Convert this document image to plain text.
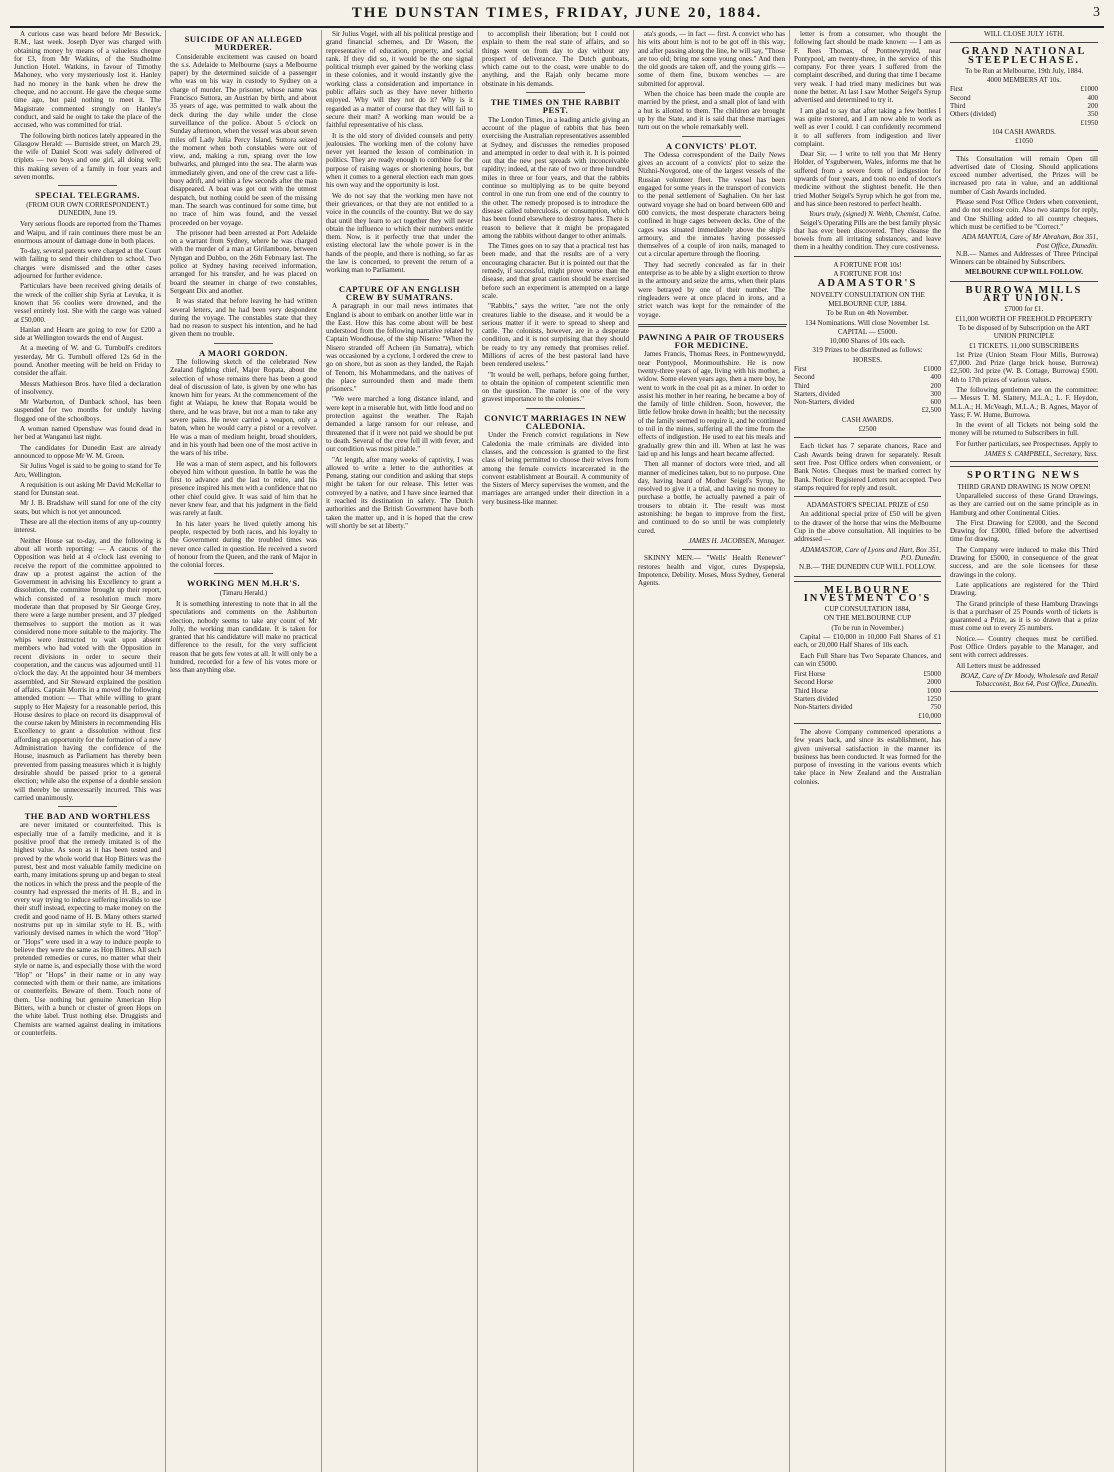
THE DUNSTAN TIMES, FRIDAY, JUNE 20, 1884.	3

A curious case was heard before Mr Beswick, R.M., last week. Joseph Dyer was charged with obtaining money by means of a valueless cheque for £3, from Mr Watkins, of the Studholme Junction Hotel. Watkins, in favour of Timothy Mahoney, who very mysteriously lost it. Hanley had no money in the bank when he drew the cheque, and no account. He gave the cheque some time ago, but paid nothing to meet it. The Magistrate commented strongly on Hanley's conduct, and said he ought to take the place of the accused, who was committed for trial.

The following birth notices lately appeared in the Glasgow Herald: — Burnside street, on March 29, the wife of Daniel Scott was safely delivered of triplets — two boys and one girl, all doing well; this making seven of a family in four years and seven months.

SPECIAL TELEGRAMS.
(FROM OUR OWN CORRESPONDENT.) DUNEDIN, June 19.

Very serious floods are reported from the Thames and Waipu, and if rain continues there must be an enormous amount of damage done in both places.

To-day, several parents were charged at the Court with failing to send their children to school. Two charges were dismissed and the other cases adjourned for further evidence.

Particulars have been received giving details of the wreck of the collier ship Syria at Levuka, it is known that 56 coolies were drowned, and the vessel entirely lost. She with the cargo was valued at £50,000.

Hanlan and Hearn are going to row for £200 a side at Wellington towards the end of August.

At a meeting of W. and G. Turnbull's creditors yesterday, Mr G. Turnbull offered 12s 6d in the pound. Another meeting will be held on Friday to consider the affair.

Messrs Mathieson Bros. have filed a declaration of insolvency.

Mr Warburton, of Dunback school, has been suspended for two months for unduly having flogged one of the schoolboys.

A woman named Openshaw was found dead in her bed at Wanganui last night.

The candidates for Dunedin East are already announced to oppose Mr W. M. Green.

Sir Julius Vogel is said to be going to stand for Te Aro, Wellington.

A requisition is out asking Mr David McKellar to stand for Dunstan seat.

Mr J. B. Bradshaw will stand for one of the city seats, but which is not yet announced.

These are all the election items of any up-country interest.

Neither House sat to-day, and the following is about all worth reporting: — A caucus of the Opposition was held at 4 o'clock last evening to receive the report of the committee appointed to draw up a protest against the action of the Government in advising his Excellency to grant a dissolution, the committee brought up their report, which consisted of a resolution much more moderate than that proposed by Sir George Grey, there were a large number present, and 37 pledged themselves to support the motion as it was considered none more suitable to the majority. The whips were instructed to wait upon absent members who had voted with the Opposition in recent divisions in order to secure their cooperation, and the caucus was adjourned until 11 o'clock the day. At the appointed hour 34 members assembled, and Sir Steward explained the position of affairs. Captain Morris in a moved the following amended motion: — That while willing to grant supply to Her Majesty for a reasonable period, this House desires to place on record its disapproval of the course taken by Ministers in recommending His Excellency to grant a dissolution without first affording an opportunity for the formation of a new Administration having the confidence of the House, inasmuch as Parliament has thereby been prevented from passing measures which it is highly desirable should be passed prior to a general election; while also the expense of a double session will thereby be unnecessarily incurred. This was carried unanimously.

THE BAD AND WORTHLESS

are never imitated or counterfeited. This is especially true of a family medicine, and it is positive proof that the remedy imitated is of the highest value. As soon as it has been tested and proved by the whole world that Hop Bitters was the purest, best and most valuable family medicine on earth, many imitations sprung up and began to steal the notices in which the press and the people of the country had expressed the merits of H. B., and in every way trying to induce suffering invalids to use their stuff instead, expecting to make money on the credit and good name of H. B. Many others started nostrums put up in similar style to H. B., with variously devised names in which the word "Hop" or "Hops" were used in a way to induce people to believe they were the same as Hop Bitters. All such pretended remedies or cures, no matter what their style or name is, and especially those with the word "Hop" or "Hops" in their name or in any way connected with them or their name, are imitations or counterfeits. Beware of them. Touch none of them. Use nothing but genuine American Hop Bitters, with a bunch or cluster of green Hops on the white label. Trust nothing else. Druggists and Chemists are warned against dealing in imitations or counterfeits.

SUICIDE OF AN ALLEGED MURDERER.

Considerable excitement was caused on board the s.s. Adelaide to Melbourne (says a Melbourne paper) by the determined suicide of a passenger who was on his way in custody to Sydney on a charge of murder. The prisoner, whose name was Francisco Suttora, an Austrian by birth, and about 35 years of age, was permitted to walk about the deck during the day while under the close surveillance of the police. About 5 o'clock on Sunday afternoon, when the vessel was about seven miles off Lady Julia Percy Island, Suttora seized the moment when both constables were out of view, and, making a run, sprang over the low bulwarks, and plunged into the sea. The alarm was immediately given, and one of the crew cast a life-buoy adrift, and within a few seconds after the man disappeared. A boat was got out with the utmost despatch, but nothing could be seen of the missing man. The search was continued for some time, but no trace of him was found, and the vessel proceeded on her voyage.

The prisoner had been arrested at Port Adelaide on a warrant from Sydney, where he was charged with the murder of a man at Girilambone, between Nyngan and Dubbo, on the 26th February last. The police at Sydney having received information, arranged for his transfer, and he was placed on board the steamer in charge of two constables, Sergeant Dix and another.

It was stated that before leaving he had written several letters, and he had been very despondent during the voyage. The constables state that they had no reason to suspect his intention, and he had given them no trouble.

A MAORI GORDON.

The following sketch of the celebrated New Zealand fighting chief, Major Ropata, about the selection of whose remains there has been a good deal of discussion of late, is given by one who has known him for years. At the commencement of the fight at Waiapu, he knew that Ropata would be there, and he was brave, but not a man to take any severe pains. He never carried a weapon, only a baton, when he would carry a pistol or a revolver. He was a man of medium height, broad shoulders, and in his youth had been one of the most active in the wars of his tribe.

He was a man of stern aspect, and his followers obeyed him without question. In battle he was the first to advance and the last to retire, and his presence inspired his men with a confidence that no other chief could give. It was said of him that he never knew fear, and that his judgment in the field was rarely at fault.

In his later years he lived quietly among his people, respected by both races, and his loyalty to the Government during the troubled times was never once called in question. He received a sword of honour from the Queen, and the rank of Major in the colonial forces.

WORKING MEN M.H.R'S.
(Timaru Herald.)

It is something interesting to note that in all the speculations and comments on the Ashburton election, nobody seems to take any count of Mr Jolly, the working man candidate. It is taken for granted that his candidature will make no practical difference to the result, for the very sufficient reason that he gets few votes at all. It will only be a hundred, recorded for a few of his votes more or less than anything else.

Sir Julius Vogel, with all his political prestige and grand financial schemes, and Dr Wason, the representative of education, property, and social rank. If they did so, it would be the one signal political triumph ever gained by the working class in these colonies, and it would instantly give the working class a consideration and importance in public affairs such as they have never hitherto enjoyed. Why will they not do it? Why is it regarded as a matter of course that they will fail to secure their man? A working man would be a faithful representative of his class.

It is the old story of divided counsels and petty jealousies. The working men of the colony have never yet learned the lesson of combination in politics. They are ready enough to combine for the purpose of raising wages or shortening hours, but when it comes to a general election each man goes his own way and the opportunity is lost.

We do not say that the working men have not their grievances, or that they are not entitled to a voice in the councils of the country. But we do say that until they learn to act together they will never obtain the influence to which their numbers entitle them. Now, is it perfectly true that under the existing electoral law the whole power is in the hands of the people, and there is nothing, so far as the law is concerned, to prevent the return of a working man to Parliament.

CAPTURE OF AN ENGLISH CREW BY SUMATRANS.

A paragraph in our mail news intimates that England is about to embark on another little war in the East. How this has come about will be best understood from the following narrative related by Captain Woodhouse, of the ship Nisero: "When the Nisero stranded off Acheen (in Sumatra), which was occasioned by a cyclone, I ordered the crew to go on shore, but as soon as they landed, the Rajah of Tenom, his Mohammedans, and the natives of the place surrounded them and made them prisoners."

"We were marched a long distance inland, and were kept in a miserable hut, with little food and no protection against the weather. The Rajah demanded a large ransom for our release, and threatened that if it were not paid we should be put to death. Several of the crew fell ill with fever, and our condition was most pitiable."

"At length, after many weeks of captivity, I was allowed to write a letter to the authorities at Penang, stating our condition and asking that steps might be taken for our release. This letter was conveyed by a native, and I have since learned that it reached its destination in safety. The Dutch authorities and the British Government have both taken the matter up, and it is hoped that the crew will shortly be set at liberty."

to accomplish their liberation; but I could not explain to them the real state of affairs, and so things went on from day to day without any prospect of deliverance. The Dutch gunboats, which came out to the coast, were unable to do anything, and the Rajah only became more obstinate in his demands.

THE TIMES ON THE RABBIT PEST.

The London Times, in a leading article giving an account of the plague of rabbits that has been exercising the Australian representatives assembled at Sydney, and discusses the remedies proposed and attempted in order to deal with it. It is pointed out that the new pest spreads with inconceivable rapidity; indeed, at the rate of two or three hundred miles in three or four years, and that the rabbits continue so multiplying as to be quite beyond control in one run from one end of the country to the other. The remedy proposed is to introduce the disease called tuberculosis, or consumption, which has been found elsewhere to destroy hares. There is reason to believe that it might be propagated among the rabbits without danger to other animals.

The Times goes on to say that a practical test has been made, and that the results are of a very encouraging character. But it is pointed out that the remedy, if successful, might prove worse than the disease, and that great caution should be exercised before such an experiment is attempted on a large scale.

"Rabbits," says the writer, "are not the only creatures liable to the disease, and it would be a serious matter if it were to spread to sheep and cattle. The colonists, however, are in a desperate condition, and it is not surprising that they should be ready to try any remedy that promises relief. Millions of acres of the best pastoral land have been rendered useless."

"It would be well, perhaps, before going further, to obtain the opinion of competent scientific men on the question. The matter is one of the very gravest importance to the colonies."

CONVICT MARRIAGES IN NEW CALEDONIA.

Under the French convict regulations in New Caledonia the male criminals are divided into classes, and the concession is granted to the first class of being permitted to choose their wives from among the female convicts incarcerated in the convent establishment at Bourail. A community of the Sisters of Mercy supervises the women, and the marriages are arranged under their direction in a very business-like manner.

ata's goods, — in fact — first. A convict who has his wits about him is not to be got off in this way, and after passing along the line, he will say, "Those are too old; bring me some young ones." And then the old goods are taken off, and the young girls — some of them fine, buxom wenches — are submitted for approval.

When the choice has been made the couple are married by the priest, and a small plot of land with a hut is allotted to them. The children are brought up by the State, and it is said that these marriages turn out on the whole remarkably well.

A CONVICTS' PLOT.

The Odessa correspondent of the Daily News gives an account of a convicts' plot to seize the Nizhni-Novgorod, one of the largest vessels of the Russian volunteer fleet. The vessel has been engaged for some years in the transport of convicts to the penal settlement of Saghalien. On her last outward voyage she had on board between 600 and 600 convicts, the most desperate characters being confined in huge cages between decks. One of the cages was situated immediately above the ship's armoury, and the inmates having possessed themselves of a couple of iron nails, managed to cut a circular aperture through the flooring.

They had secretly concealed as far in their enterprise as to be able by a slight exertion to throw in the armoury and seize the arms, when their plans were betrayed by one of their number. The ringleaders were at once placed in irons, and a strict watch was kept for the remainder of the voyage.

PAWNING A PAIR OF TROUSERS FOR MEDICINE.

James Francis, Thomas Rees, in Pontnewynydd, near Pontypool, Monmouthshire. He is now twenty-three years of age, living with his mother, a widow. Some eleven years ago, then a mere boy, he went to work in the coal pit as a miner. In order to assist his mother in her rearing, he became a boy of the family of little children. Soon, however, the little fellow broke down in health; but the necessity of the family seemed to require it, and he continued to toil in the mines, suffering all the time from the effects of indigestion. He used to eat his meals and gradually grew thin and ill. When at last he was laid up and his lungs and heart became affected.

Then all manner of doctors were tried, and all manner of medicines taken, but to no purpose. One day, having heard of Mother Seigel's Syrup, he resolved to give it a trial, and having no money to purchase a bottle, he actually pawned a pair of trousers to obtain it. The result was most astonishing: he began to improve from the first, and continued to do so until he was completely cured.

JAMES H. JACOBSEN, Manager.

SKINNY MEN.— "Wells' Health Renewer" restores health and vigor, cures Dyspepsia, Impotence, Debility. Moses, Moss Sydney, General Agents.

letter is from a consumer, who thought the following fact should be made known: — I am as F. Rees Thomas, of Pontnewynydd, near Pontypool, am twenty-three, in the service of this company. For three years I suffered from the complaint described, and during that time I became very weak. I had tried many medicines but was none the better. At last I saw Mother Seigel's Syrup advertised and determined to try it.

I am glad to say that after taking a few bottles I was quite restored, and I am now able to work as well as ever I could. I can confidently recommend it to all sufferers from indigestion and liver complaint.

Dear Sir, — I write to tell you that Mr Henry Holder, of Ysguberwen, Wales, informs me that he suffered from a severe form of indigestion for upwards of four years, and took no end of doctor's medicine without the slightest benefit. He then tried Mother Seigel's Syrup which he got from me, and has since been restored to perfect health.

Yours truly, (signed) N. Webb, Chemist, Calne.

Seigel's Operating Pills are the best family physic that has ever been discovered. They cleanse the bowels from all irritating substances, and leave them in a healthy condition. They cure costiveness.

A FORTUNE FOR 10s!
A FORTUNE FOR 10s!
ADAMASTOR'S
NOVELTY CONSULTATION ON THE
MELBOURNE CUP, 1884.
To be Run on 4th November.
134 Nominations. Will close November 1st.
CAPITAL — £5000.
10,000 Shares of 10s each.
319 Prizes to be distributed as follows:
HORSES.
First	£1000
Second	400
Third	200
Starters, divided	300
Non-Starters, divided	600
	£2,500
CASH AWARDS.
£2500

Each ticket has 7 separate chances, Race and Cash Awards being drawn for separately. Result sent free. Post Office orders when convenient, or Bank Notes. Cheques must be marked correct by Bank. Notice: Registered Letters not accepted. Two stamps required for reply and result.

ADAMASTOR'S SPECIAL PRIZE of £50

An additional special prize of £50 will be given to the drawer of the horse that wins the Melbourne Cup in the above consultation. All inquiries to be addressed —

ADAMASTOR, Care of Lyons and Hart, Box 351, P.O. Dunedin.
N.B.— THE DUNEDIN CUP WILL FOLLOW.
MELBOURNE INVESTMENT CO'S
CUP CONSULTATION 1884,
ON THE MELBOURNE CUP
(To be run in November.)

Capital — £10,000 in 10,000 Full Shares of £1 each, or 20,000 Half Shares of 10s each.

Each Full Share has Two Separate Chances, and can win £5000.

First Horse	£5000
Second Horse	2000
Third Horse	1000
Starters divided	1250
Non-Starters divided	750
	£10,000

The above Company commenced operations a few years back, and since its establishment, has given universal satisfaction in the manner its business has been conducted. It was formed for the purpose of investing in the various events which take place in New Zealand and the Australian colonies.

WILL CLOSE JULY 16TH.
GRAND NATIONAL STEEPLECHASE.
To be Run at Melbourne, 19th July, 1884.
4000 MEMBERS AT 10s.
First	£1000
Second	400
Third	200
Others (divided)	350
	£1950
104 CASH AWARDS.
£1050

This Consultation will remain Open till advertised date of Closing. Should applications exceed number advertised, the Prizes will be increased pro rata in value, and an additional number of Cash Awards included.

Please send Post Office Orders when convenient, and do not enclose coin. Also two stamps for reply, and One Shilling added to all country cheques, which must be certified to be "Correct."

ADA MANTUA, Care of Mr Abraham, Box 351, Post Office, Dunedin.

N.B.— Names and Addresses of Three Principal Winners can be obtained by Subscribers.

MELBOURNE CUP WILL FOLLOW.
BURROWA MILLS ART UNION.
£7000 for £1.
£11,000 WORTH OF FREEHOLD PROPERTY
To be disposed of by Subscription on the ART UNION PRINCIPLE
£1 TICKETS. 11,000 SUBSCRIBERS

1st Prize (Union Steam Flour Mills, Burrowa) £7,000. 2nd Prize (large brick house, Burrowa) £2,500. 3rd prize (W. B. Cottage, Burrowa) £500. 4th to 17th prizes of various values.

The following gentlemen are on the committee: — Messrs T. M. Slattery, M.L.A.; L. F. Heydon, M.L.A.; H. McVeagh, M.L.A.; B. Agnes, Mayor of Yass; F. W. Hume, Burrowa.

In the event of all Tickets not being sold the money will be returned to Subscribers in full.

For further particulars, see Prospectuses. Apply to

JAMES S. CAMPBELL, Secretary, Yass.
SPORTING NEWS
THIRD GRAND DRAWING IS NOW OPEN!

Unparalleled success of these Grand Drawings, as they are carried out on the same principle as in Hamburg and other Continental Cities.

The First Drawing for £2000, and the Second Drawing for £3000, filled before the advertised time for drawing.

The Company were induced to make this Third Drawing for £5000, in consequence of the great success, and are the sole licensees for these drawings in the colony.

Late applications are registered for the Third Drawing.

The Grand principle of these Hamburg Drawings is that a purchaser of 25 Pounds worth of tickets is guaranteed a Prize, as it is so drawn that a prize must come out to every 25 numbers.

Notice.— Country cheques must be certified. Post Office Orders payable to the Manager, and sent with correct addresses.

All Letters must be addressed

BOAZ, Care of Dr Moody, Wholesale and Retail Tobacconist, Box 64, Post Office, Dunedin.
